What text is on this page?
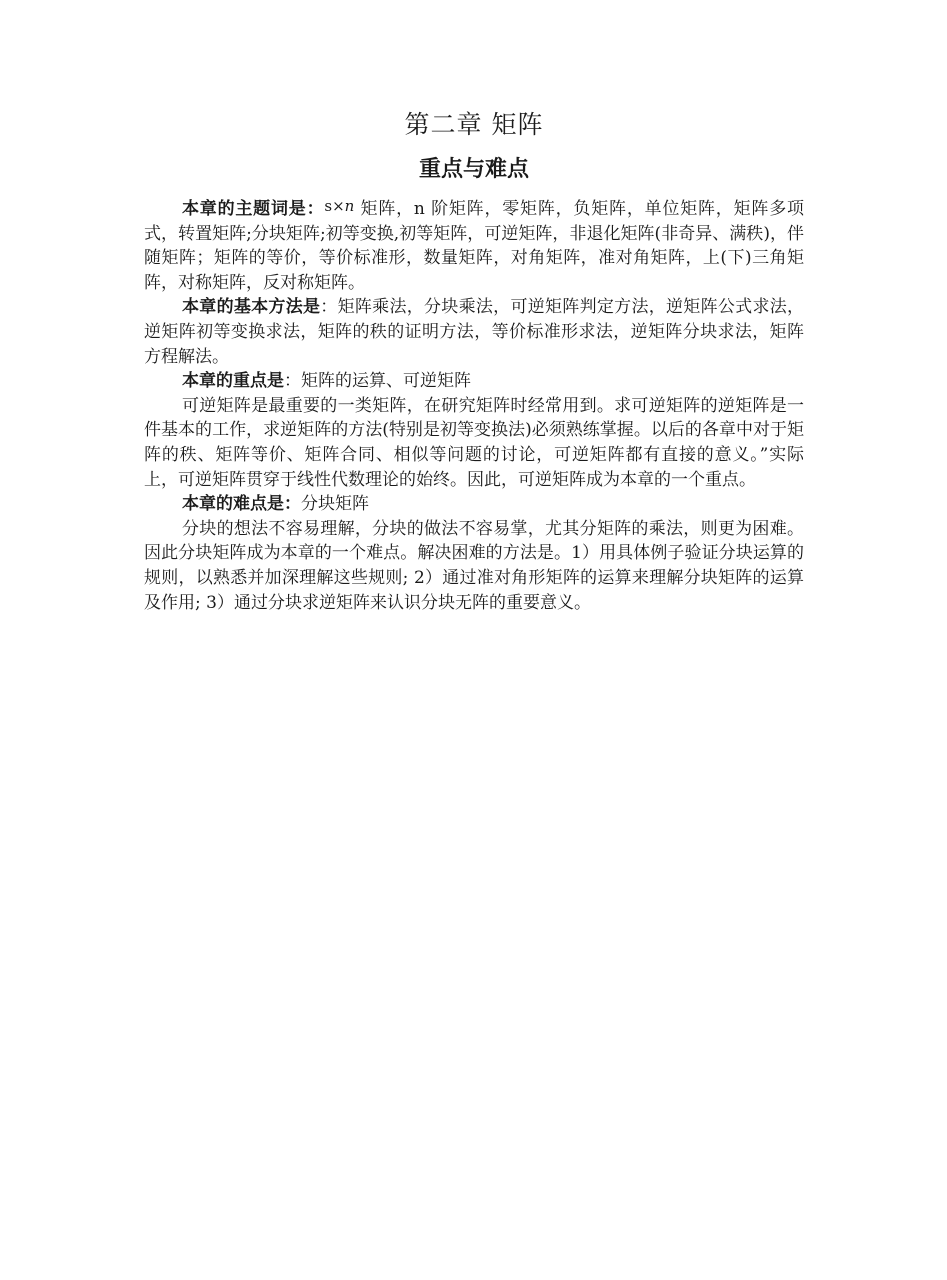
第二章 矩阵
重点与难点

本章的主题词是：s×n 矩阵，n 阶矩阵，零矩阵，负矩阵，单位矩阵，矩阵多项式，转置矩阵;分块矩阵;初等变换,初等矩阵，可逆矩阵，非退化矩阵(非奇异、满秩)，伴随矩阵；矩阵的等价，等价标准形，数量矩阵，对角矩阵，准对角矩阵，上(下)三角矩阵，对称矩阵，反对称矩阵。

本章的基本方法是：矩阵乘法，分块乘法，可逆矩阵判定方法，逆矩阵公式求法，逆矩阵初等变换求法，矩阵的秩的证明方法，等价标准形求法，逆矩阵分块求法，矩阵方程解法。

本章的重点是：矩阵的运算、可逆矩阵

可逆矩阵是最重要的一类矩阵，在研究矩阵时经常用到。求可逆矩阵的逆矩阵是一件基本的工作，求逆矩阵的方法(特别是初等变换法)必须熟练掌握。以后的各章中对于矩阵的秩、矩阵等价、矩阵合同、相似等问题的讨论，可逆矩阵都有直接的意义。”实际上，可逆矩阵贯穿于线性代数理论的始终。因此，可逆矩阵成为本章的一个重点。

本章的难点是：分块矩阵

分块的想法不容易理解，分块的做法不容易掌，尤其分矩阵的乘法，则更为困难。因此分块矩阵成为本章的一个难点。解决困难的方法是。1）用具体例子验证分块运算的规则，以熟悉并加深理解这些规则; 2）通过准对角形矩阵的运算来理解分块矩阵的运算及作用; 3）通过分块求逆矩阵来认识分块无阵的重要意义。
